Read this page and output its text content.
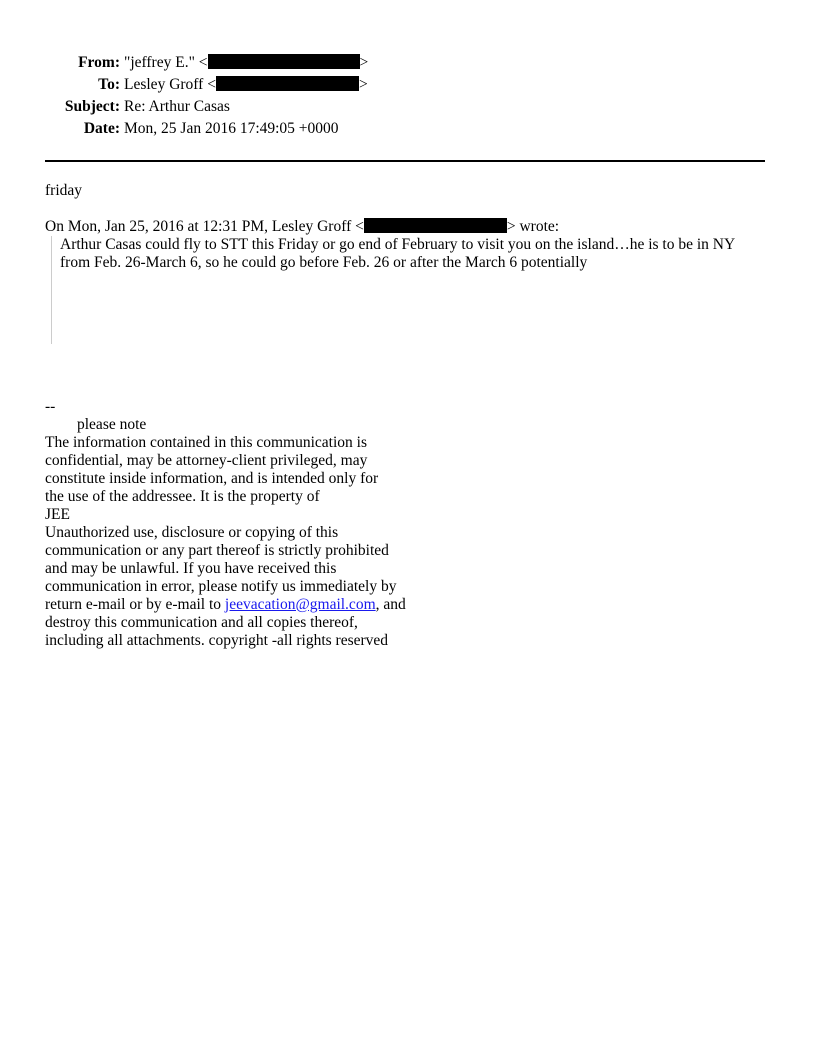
From: "jeffrey E." <	>
To: Lesley Groff <	>
Subject: Re: Arthur Casas
Date: Mon, 25 Jan 2016 17:49:05 +0000
friday
On Mon, Jan 25, 2016 at 12:31 PM, Lesley Groff <	> wrote:
Arthur Casas could fly to STT this Friday or go end of February to visit you on the island…he is to be in NY from Feb. 26-March 6, so he could go before Feb. 26 or after the March 6 potentially
--
please note
The information contained in this communication is
confidential, may be attorney-client privileged, may
constitute inside information, and is intended only for
the use of the addressee. It is the property of
JEE
Unauthorized use, disclosure or copying of this
communication or any part thereof is strictly prohibited
and may be unlawful. If you have received this
communication in error, please notify us immediately by
return e-mail or by e-mail to jeevacation@gmail.com, and
destroy this communication and all copies thereof,
including all attachments. copyright -all rights reserved
